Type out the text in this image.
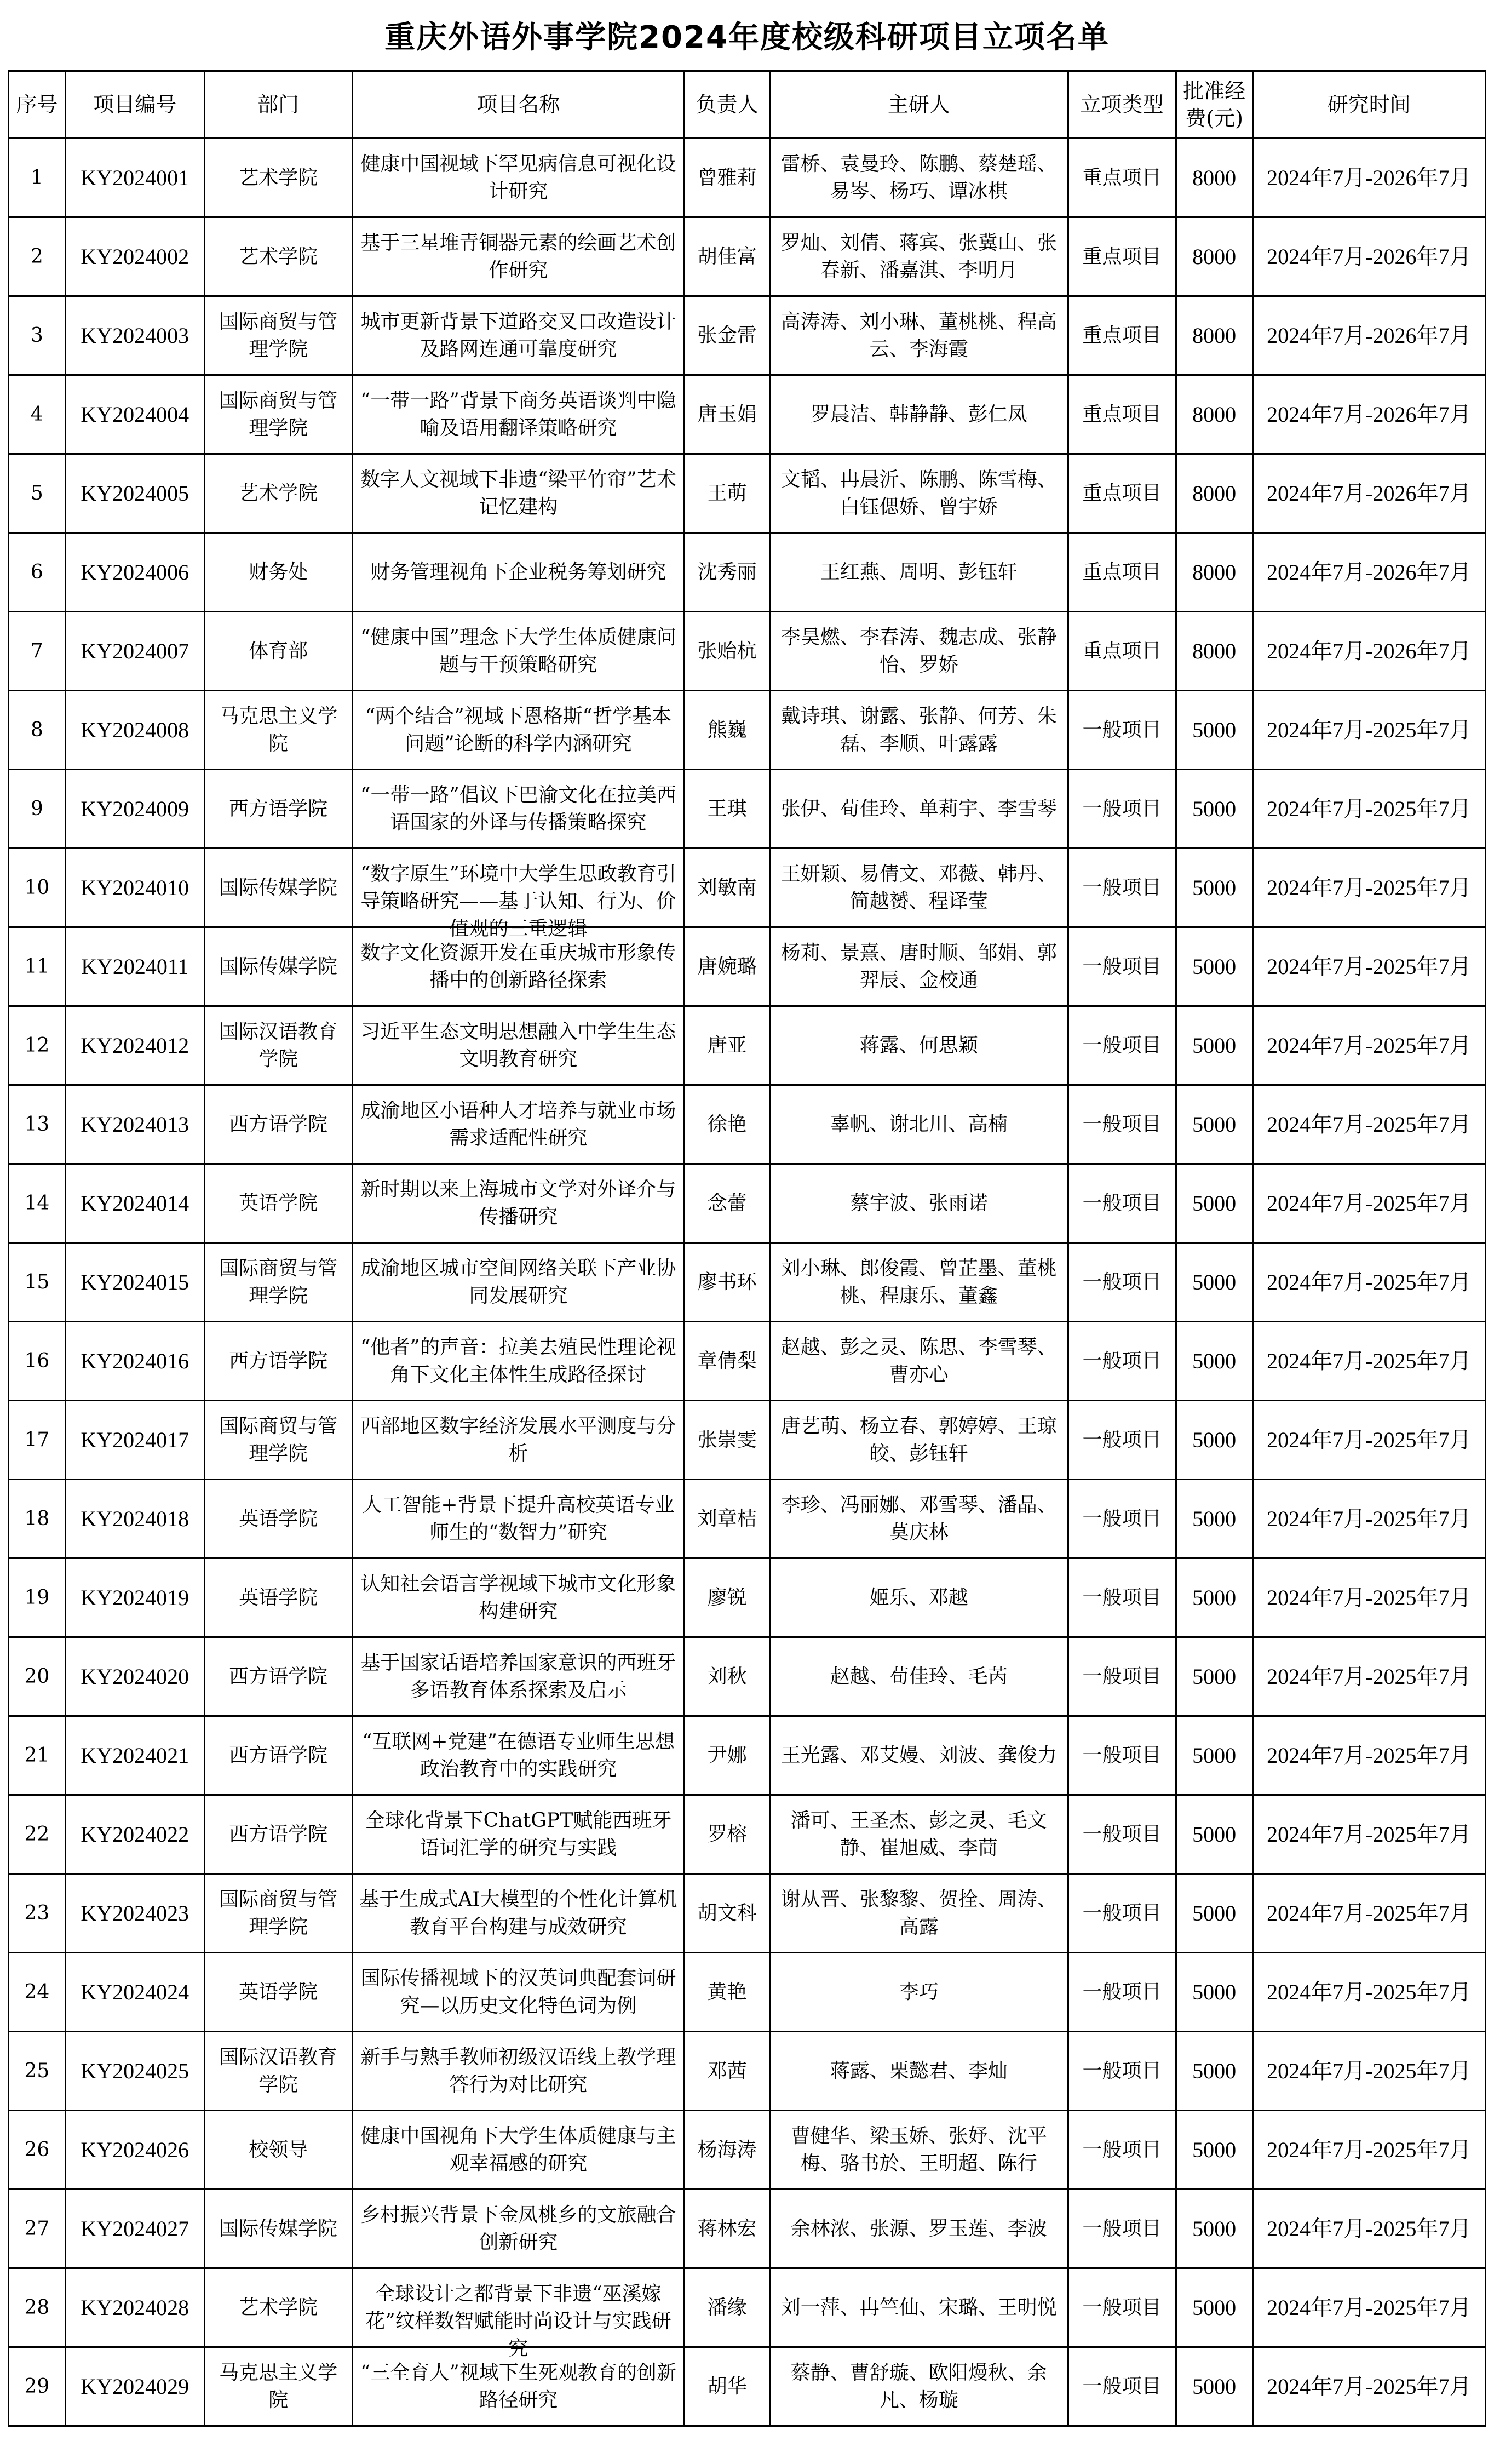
重庆外语外事学院2024年度校级科研项目立项名单
序号	项目编号	部门	项目名称	负责人	主研人	立项类型	批准经费(元)	研究时间
1	KY2024001	艺术学院	健康中国视域下罕见病信息可视化设计研究	曾雅莉	雷桥、袁曼玲、陈鹏、蔡楚瑶、易岑、杨巧、谭冰棋	重点项目	8000	2024年7月-2026年7月
2	KY2024002	艺术学院	基于三星堆青铜器元素的绘画艺术创作研究	胡佳富	罗灿、刘倩、蒋宾、张冀山、张春新、潘嘉淇、李明月	重点项目	8000	2024年7月-2026年7月
3	KY2024003	国际商贸与管理学院	城市更新背景下道路交叉口改造设计及路网连通可靠度研究	张金雷	高涛涛、刘小琳、董桃桃、程高云、李海霞	重点项目	8000	2024年7月-2026年7月
4	KY2024004	国际商贸与管理学院	“一带一路”背景下商务英语谈判中隐喻及语用翻译策略研究	唐玉娟	罗晨洁、韩静静、彭仁凤	重点项目	8000	2024年7月-2026年7月
5	KY2024005	艺术学院	数字人文视域下非遗“梁平竹帘”艺术记忆建构	王萌	文韬、冉晨沂、陈鹏、陈雪梅、白钰偲娇、曾宇娇	重点项目	8000	2024年7月-2026年7月
6	KY2024006	财务处	财务管理视角下企业税务筹划研究	沈秀丽	王红燕、周明、彭钰轩	重点项目	8000	2024年7月-2026年7月
7	KY2024007	体育部	“健康中国”理念下大学生体质健康问题与干预策略研究	张贻杭	李昊燃、李春涛、魏志成、张静怡、罗娇	重点项目	8000	2024年7月-2026年7月
8	KY2024008	马克思主义学院	“两个结合”视域下恩格斯“哲学基本问题”论断的科学内涵研究	熊巍	戴诗琪、谢露、张静、何芳、朱磊、李顺、叶露露	一般项目	5000	2024年7月-2025年7月
9	KY2024009	西方语学院	“一带一路”倡议下巴渝文化在拉美西语国家的外译与传播策略探究	王琪	张伊、荀佳玲、单莉宇、李雪琴	一般项目	5000	2024年7月-2025年7月
10	KY2024010	国际传媒学院	“数字原生”环境中大学生思政教育引导策略研究——基于认知、行为、价值观的三重逻辑	刘敏南	王妍颖、易倩文、邓薇、韩丹、简越赟、程译莹	一般项目	5000	2024年7月-2025年7月
11	KY2024011	国际传媒学院	数字文化资源开发在重庆城市形象传播中的创新路径探索	唐婉璐	杨莉、景熹、唐时顺、邹娟、郭羿辰、金校通	一般项目	5000	2024年7月-2025年7月
12	KY2024012	国际汉语教育学院	习近平生态文明思想融入中学生生态文明教育研究	唐亚	蒋露、何思颖	一般项目	5000	2024年7月-2025年7月
13	KY2024013	西方语学院	成渝地区小语种人才培养与就业市场需求适配性研究	徐艳	辜帆、谢北川、高楠	一般项目	5000	2024年7月-2025年7月
14	KY2024014	英语学院	新时期以来上海城市文学对外译介与传播研究	念蕾	蔡宇波、张雨诺	一般项目	5000	2024年7月-2025年7月
15	KY2024015	国际商贸与管理学院	成渝地区城市空间网络关联下产业协同发展研究	廖书环	刘小琳、郎俊霞、曾芷墨、董桃桃、程康乐、董鑫	一般项目	5000	2024年7月-2025年7月
16	KY2024016	西方语学院	“他者”的声音：拉美去殖民性理论视角下文化主体性生成路径探讨	章倩梨	赵越、彭之灵、陈思、李雪琴、曹亦心	一般项目	5000	2024年7月-2025年7月
17	KY2024017	国际商贸与管理学院	西部地区数字经济发展水平测度与分析	张崇雯	唐艺萌、杨立春、郭婷婷、王琼皎、彭钰轩	一般项目	5000	2024年7月-2025年7月
18	KY2024018	英语学院	人工智能+背景下提升高校英语专业师生的“数智力”研究	刘章桔	李珍、冯丽娜、邓雪琴、潘晶、莫庆林	一般项目	5000	2024年7月-2025年7月
19	KY2024019	英语学院	认知社会语言学视域下城市文化形象构建研究	廖锐	姬乐、邓越	一般项目	5000	2024年7月-2025年7月
20	KY2024020	西方语学院	基于国家话语培养国家意识的西班牙多语教育体系探索及启示	刘秋	赵越、荀佳玲、毛芮	一般项目	5000	2024年7月-2025年7月
21	KY2024021	西方语学院	“互联网+党建”在德语专业师生思想政治教育中的实践研究	尹娜	王光露、邓艾嫚、刘波、龚俊力	一般项目	5000	2024年7月-2025年7月
22	KY2024022	西方语学院	全球化背景下ChatGPT赋能西班牙语词汇学的研究与实践	罗榕	潘可、王圣杰、彭之灵、毛文静、崔旭威、李茼	一般项目	5000	2024年7月-2025年7月
23	KY2024023	国际商贸与管理学院	基于生成式AI大模型的个性化计算机教育平台构建与成效研究	胡文科	谢从晋、张黎黎、贺拴、周涛、高露	一般项目	5000	2024年7月-2025年7月
24	KY2024024	英语学院	国际传播视域下的汉英词典配套词研究—以历史文化特色词为例	黄艳	李巧	一般项目	5000	2024年7月-2025年7月
25	KY2024025	国际汉语教育学院	新手与熟手教师初级汉语线上教学理答行为对比研究	邓茜	蒋露、栗懿君、李灿	一般项目	5000	2024年7月-2025年7月
26	KY2024026	校领导	健康中国视角下大学生体质健康与主观幸福感的研究	杨海涛	曹健华、梁玉娇、张妤、沈平梅、骆书於、王明超、陈行	一般项目	5000	2024年7月-2025年7月
27	KY2024027	国际传媒学院	乡村振兴背景下金凤桃乡的文旅融合创新研究	蒋林宏	余林浓、张源、罗玉莲、李波	一般项目	5000	2024年7月-2025年7月
28	KY2024028	艺术学院	全球设计之都背景下非遗“巫溪嫁花”纹样数智赋能时尚设计与实践研究	潘缘	刘一萍、冉竺仙、宋璐、王明悦	一般项目	5000	2024年7月-2025年7月
29	KY2024029	马克思主义学院	“三全育人”视域下生死观教育的创新路径研究	胡华	蔡静、曹舒璇、欧阳熳秋、余凡、杨璇	一般项目	5000	2024年7月-2025年7月
